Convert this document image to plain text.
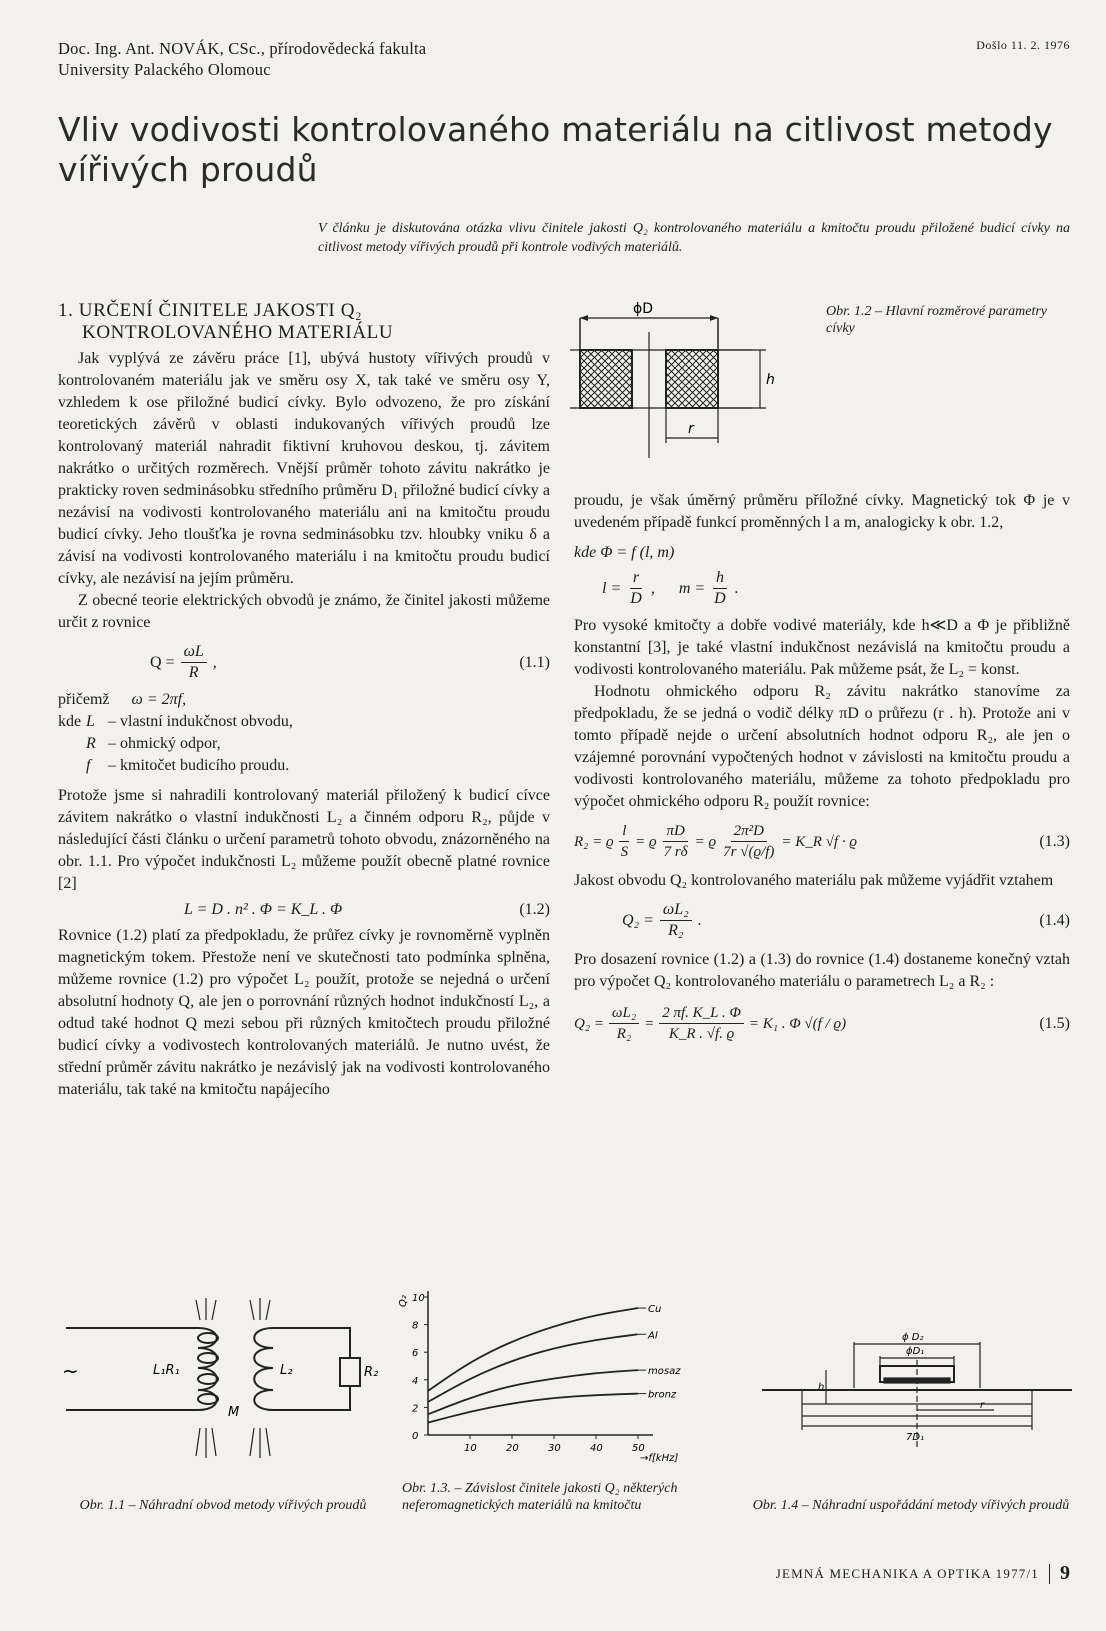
Doc. Ing. Ant. NOVÁK, CSc., přírodovědecká fakulta
University Palackého Olomouc
Došlo 11. 2. 1976
Vliv vodivosti kontrolovaného materiálu na citlivost metody
vířivých proudů
V článku je diskutována otázka vlivu činitele jakosti Q₂ kontrolovaného materiálu a kmitočtu proudu přiložené budicí cívky na citlivost metody vířivých proudů při kontrole vodivých materiálů.
1. URČENÍ ČINITELE JAKOSTI Q₂
KONTROLOVANÉHO MATERIÁLU

Jak vyplývá ze závěru práce [1], ubývá hustoty vířivých proudů v kontrolovaném materiálu jak ve směru osy X, tak také ve směru osy Y, vzhledem k ose přiložné budicí cívky. Bylo odvozeno, že pro získání teoretických závěrů v oblasti indukovaných vířivých proudů lze kontrolovaný materiál nahradit fiktivní kruhovou deskou, tj. závitem nakrátko o určitých rozměrech. Vnější průměr tohoto závitu nakrátko je prakticky roven sedminásobku středního průměru D₁ přiložné budicí cívky a nezávisí na vodivosti kontrolovaného materiálu ani na kmitočtu proudu budicí cívky. Jeho tloušťka je rovna sedminásobku tzv. hloubky vniku δ a závisí na vodivosti kontrolovaného materiálu i na kmitočtu proudu budicí cívky, ale nezávisí na jejím průměru.

Z obecné teorie elektrických obvodů je známo, že činitel jakosti můžeme určit z rovnice

$Q = \frac{\omega L}{R}$ ,	(1.1)
přičemž ω = 2πf,
kde L – vlastní indukčnost obvodu,
R – ohmický odpor,
f	– kmitočet budicího proudu.

Protože jsme si nahradili kontrolovaný materiál přiložený k budicí cívce závitem nakrátko o vlastní indukčnosti L₂ a činném odporu R₂, půjde v následující části článku o určení parametrů tohoto obvodu, znázorněného na obr. 1.1. Pro výpočet indukčnosti L₂ můžeme použít obecně platné rovnice [2]

L = D . n² . Φ = K_L . Φ	(1.2)

Rovnice (1.2) platí za předpokladu, že průřez cívky je rovnoměrně vyplněn magnetickým tokem. Přestože není ve skutečnosti tato podmínka splněna, můžeme rovnice (1.2) pro výpočet L₂ použít, protože se nejedná o určení absolutní hodnoty Q, ale jen o porrovnání různých hodnot indukčností L₂, a odtud také hodnot Q mezi sebou při různých kmitočtech proudu přiložné budicí cívky a vodivostech kontrolovaných materiálů. Je nutno uvést, že střední průměr závitu nakrátko je nezávislý jak na vodivosti kontrolovaného materiálu, tak také na kmitočtu napájecího

ϕD
h
r
Obr. 1.2 – Hlavní rozměrové parametry cívky

proudu, je však úměrný průměru příložné cívky. Magnetický tok Φ je v uvedeném případě funkcí proměnných l a m, analogicky k obr. 1.2,

kde Φ = f (l, m)
$l = \frac{r}{D}$ , $m = \frac{h}{D}$ .

Pro vysoké kmitočty a dobře vodivé materiály, kde h≪D a Φ je přibližně konstantní [3], je také vlastní indukčnost nezávislá na kmitočtu proudu a vodivosti kontrolovaného materiálu. Pak můžeme psát, že L₂ = konst.

Hodnotu ohmického odporu R₂ závitu nakrátko stanovíme za předpokladu, že se jedná o vodič délky πD o průřezu (r . h). Protože ani v tomto případě nejde o určení absolutních hodnot odporu R₂, ale jen o vzájemné porovnání vypočtených hodnot v závislosti na kmitočtu proudu a vodivosti kontrolovaného materiálu, můžeme za tohoto předpokladu pro výpočet ohmického odporu R₂ použít rovnice:

R₂ = ϱ $\frac{l}{S} = ϱ \frac{\pi D}{7 r\delta} = ϱ \frac{\text{2π²D}}{7r √(ϱ/f)}$ = K_R √f · ϱ	(1.3)

Jakost obvodu Q₂ kontrolovaného materiálu pak můžeme vyjádřit vztahem

$Q_2 = \frac{\text{ωL₂}}{\text{R₂}}$ .	(1.4)

Pro dosazení rovnice (1.2) a (1.3) do rovnice (1.4) dostaneme konečný vztah pro výpočet Q₂ kontrolovaného materiálu o parametrech L₂ a R₂ :

$Q_2 = \frac{\text{ωL₂}}{\text{R₂}} = \frac{2 \pi f. K\_L . \Phi}{K\_R . √f. ϱ} = K_1$ . Φ √(f / ϱ)	(1.5)
~	L₁R₁	L₂	R₂
M
Obr. 1.1 – Náhradní obvod metody vířivých proudů
0
2
4
6
8
10
10	20	30	40	50
Q₂
→f[kHz]
Cu
Al
mosaz
bronz
Obr. 1.3. – Závislost činitele jakosti Q₂ některých neferomagnetických materiálů na kmitočtu
ϕ D₂
ϕD₁
h
r
7D₁
Obr. 1.4 – Náhradní uspořádání metody vířivých proudů
JEMNÁ MECHANIKA A OPTIKA 1977/1 9
